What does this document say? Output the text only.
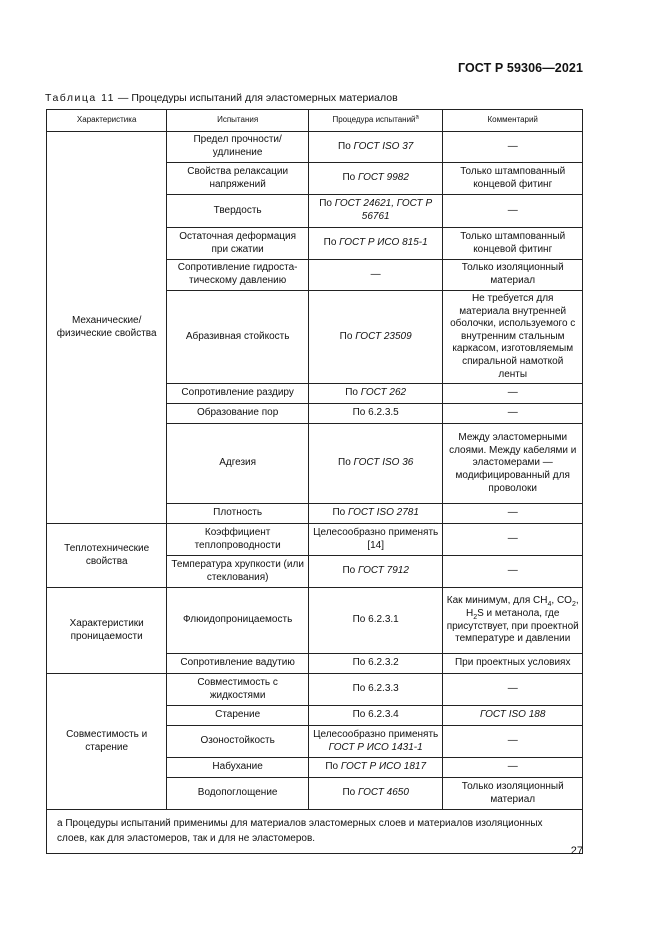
ГОСТ Р 59306—2021
Таблица 11 — Процедуры испытаний для эластомерных материалов
Характеристика	Испытания	Процедура испытаний$^a$	Комментарий
Механические/ физические свойства	Предел прочности/ удлинение	По ГОСТ ISO 37	—
	Свойства релаксации напряжений	По ГОСТ 9982	Только штампованный концевой фитинг
	Твердость	По ГОСТ 24621, ГОСТ Р 56761	—
	Остаточная деформация при сжатии	По ГОСТ Р ИСО 815-1	Только штампованный концевой фитинг
	Сопротивление гидроста-тическому давлению	—	Только изоляционный материал
	Абразивная стойкость	По ГОСТ 23509	Не требуется для материала внутренней оболочки, используемого с внутренним стальным каркасом, изготовляемым спиральной намоткой ленты
	Сопротивление раздиру	По ГОСТ 262	—
	Образование пор	По 6.2.3.5	—
	Адгезия	По ГОСТ ISO 36	Между эластомерными слоями. Между кабелями и эластомерами — модифицированный для проволоки
	Плотность	По ГОСТ ISO 2781	—
Теплотехнические свойства	Коэффициент теплопроводности	Целесообразно применять [14]	—
	Температура хрупкости (или стеклования)	По ГОСТ 7912	—
Характеристики проницаемости	Флюидопроницаемость	По 6.2.3.1	Как минимум, для $CH_4$, $CO_2$, $H_2S$ и метанола, где присутствует, при проектной температуре и давлении
	Сопротивление вадутию	По 6.2.3.2	При проектных условиях
Совместимость и старение	Совместимость с жидкостями	По 6.2.3.3	—
	Старение	По 6.2.3.4	ГОСТ ISO 188
	Озоностойкость	Целесообразно применять ГОСТ Р ИСО 1431-1	—
	Набухание	По ГОСТ Р ИСО 1817	—
	Водопоглощение	По ГОСТ 4650	Только изоляционный материал
а Процедуры испытаний применимы для материалов эластомерных слоев и материалов изоляционных слоев, как для эластомеров, так и для не эластомеров.			
27
